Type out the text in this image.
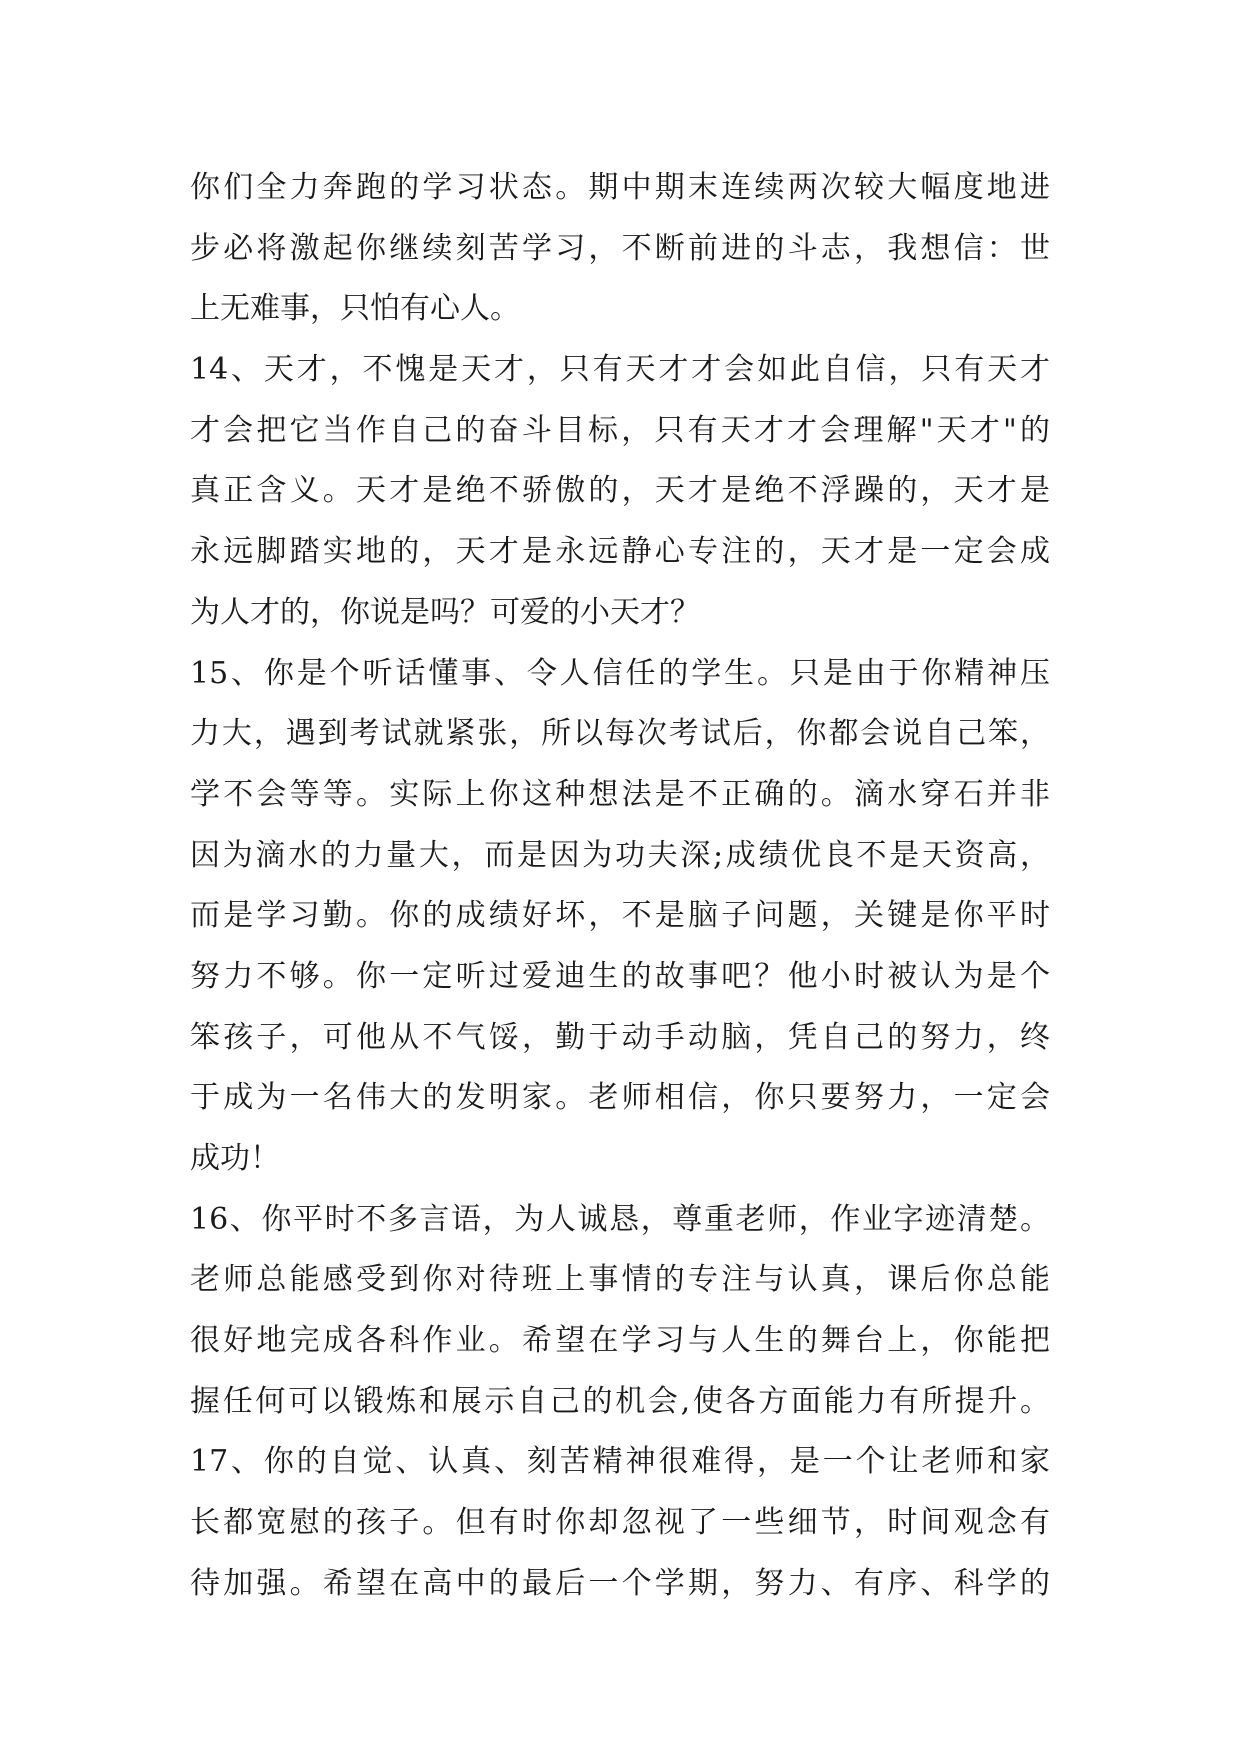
你们全力奔跑的学习状态。期中期末连续两次较大幅度地进
步必将激起你继续刻苦学习，不断前进的斗志，我想信：世
上无难事，只怕有心人。
14、天才，不愧是天才，只有天才才会如此自信，只有天才
才会把它当作自己的奋斗目标，只有天才才会理解"天才"的
真正含义。天才是绝不骄傲的，天才是绝不浮躁的，天才是
永远脚踏实地的，天才是永远静心专注的，天才是一定会成
为人才的，你说是吗？可爱的小天才？
15、你是个听话懂事、令人信任的学生。只是由于你精神压
力大，遇到考试就紧张，所以每次考试后，你都会说自己笨，
学不会等等。实际上你这种想法是不正确的。滴水穿石并非
因为滴水的力量大，而是因为功夫深;成绩优良不是天资高，
而是学习勤。你的成绩好坏，不是脑子问题，关键是你平时
努力不够。你一定听过爱迪生的故事吧？他小时被认为是个
笨孩子，可他从不气馁，勤于动手动脑，凭自己的努力，终
于成为一名伟大的发明家。老师相信，你只要努力，一定会
成功！
16、你平时不多言语，为人诚恳，尊重老师，作业字迹清楚。
老师总能感受到你对待班上事情的专注与认真，课后你总能
很好地完成各科作业。希望在学习与人生的舞台上，你能把
握任何可以锻炼和展示自己的机会,使各方面能力有所提升。
17、你的自觉、认真、刻苦精神很难得，是一个让老师和家
长都宽慰的孩子。但有时你却忽视了一些细节，时间观念有
待加强。希望在高中的最后一个学期，努力、有序、科学的
